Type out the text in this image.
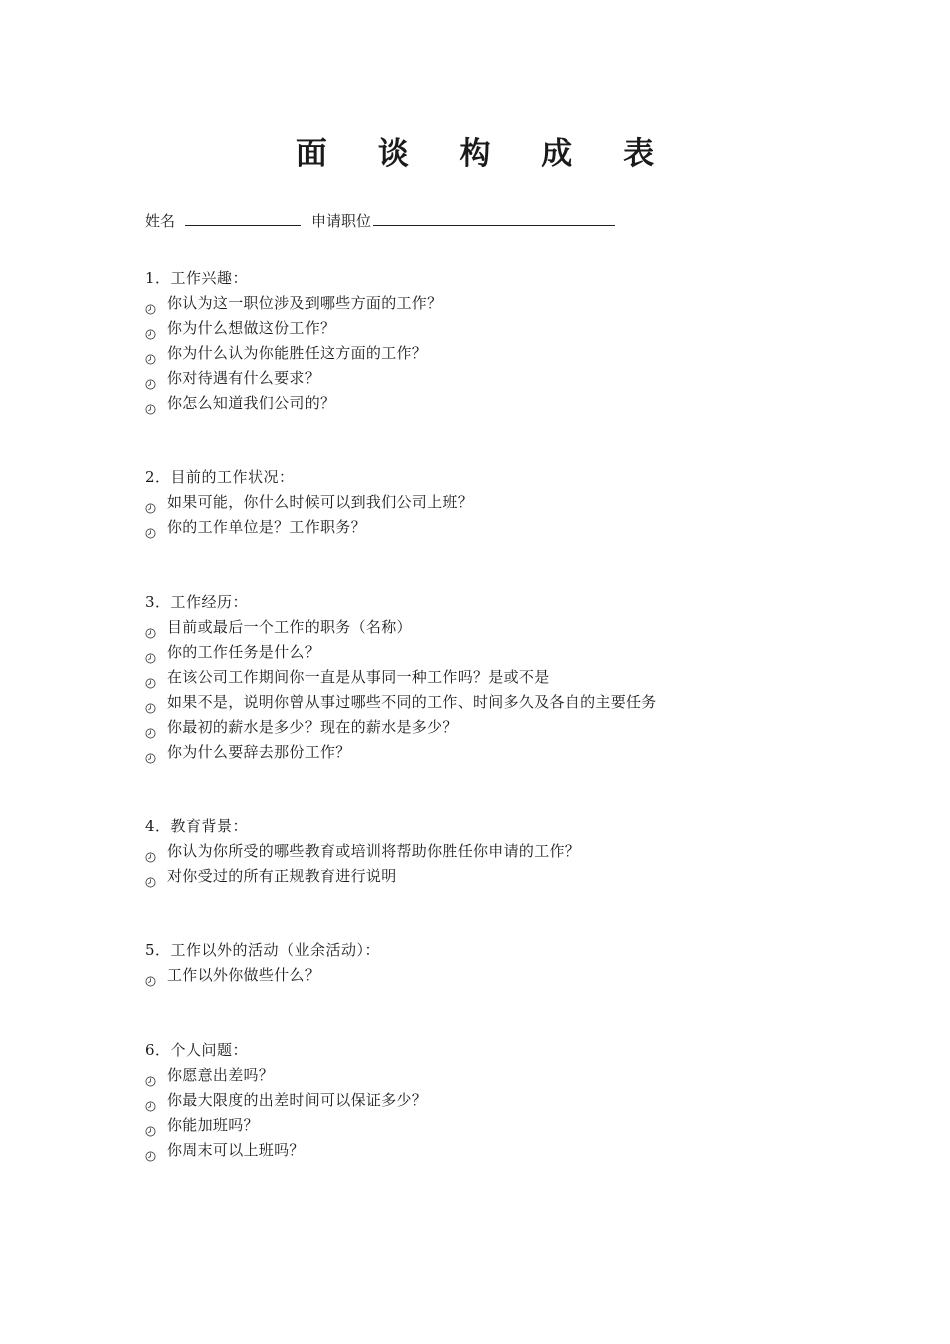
面 谈 构 成 表
姓名	申请职位
1．工作兴趣：
你认为这一职位涉及到哪些方面的工作？
你为什么想做这份工作？
你为什么认为你能胜任这方面的工作？
你对待遇有什么要求？
你怎么知道我们公司的？
2．目前的工作状况：
如果可能，你什么时候可以到我们公司上班？
你的工作单位是？工作职务？
3．工作经历：
目前或最后一个工作的职务（名称）
你的工作任务是什么？
在该公司工作期间你一直是从事同一种工作吗？是或不是
如果不是，说明你曾从事过哪些不同的工作、时间多久及各自的主要任务
你最初的薪水是多少？现在的薪水是多少？
你为什么要辞去那份工作？
4．教育背景：
你认为你所受的哪些教育或培训将帮助你胜任你申请的工作？
对你受过的所有正规教育进行说明
5．工作以外的活动（业余活动）：
工作以外你做些什么？
6．个人问题：
你愿意出差吗？
你最大限度的出差时间可以保证多少？
你能加班吗？
你周末可以上班吗？
